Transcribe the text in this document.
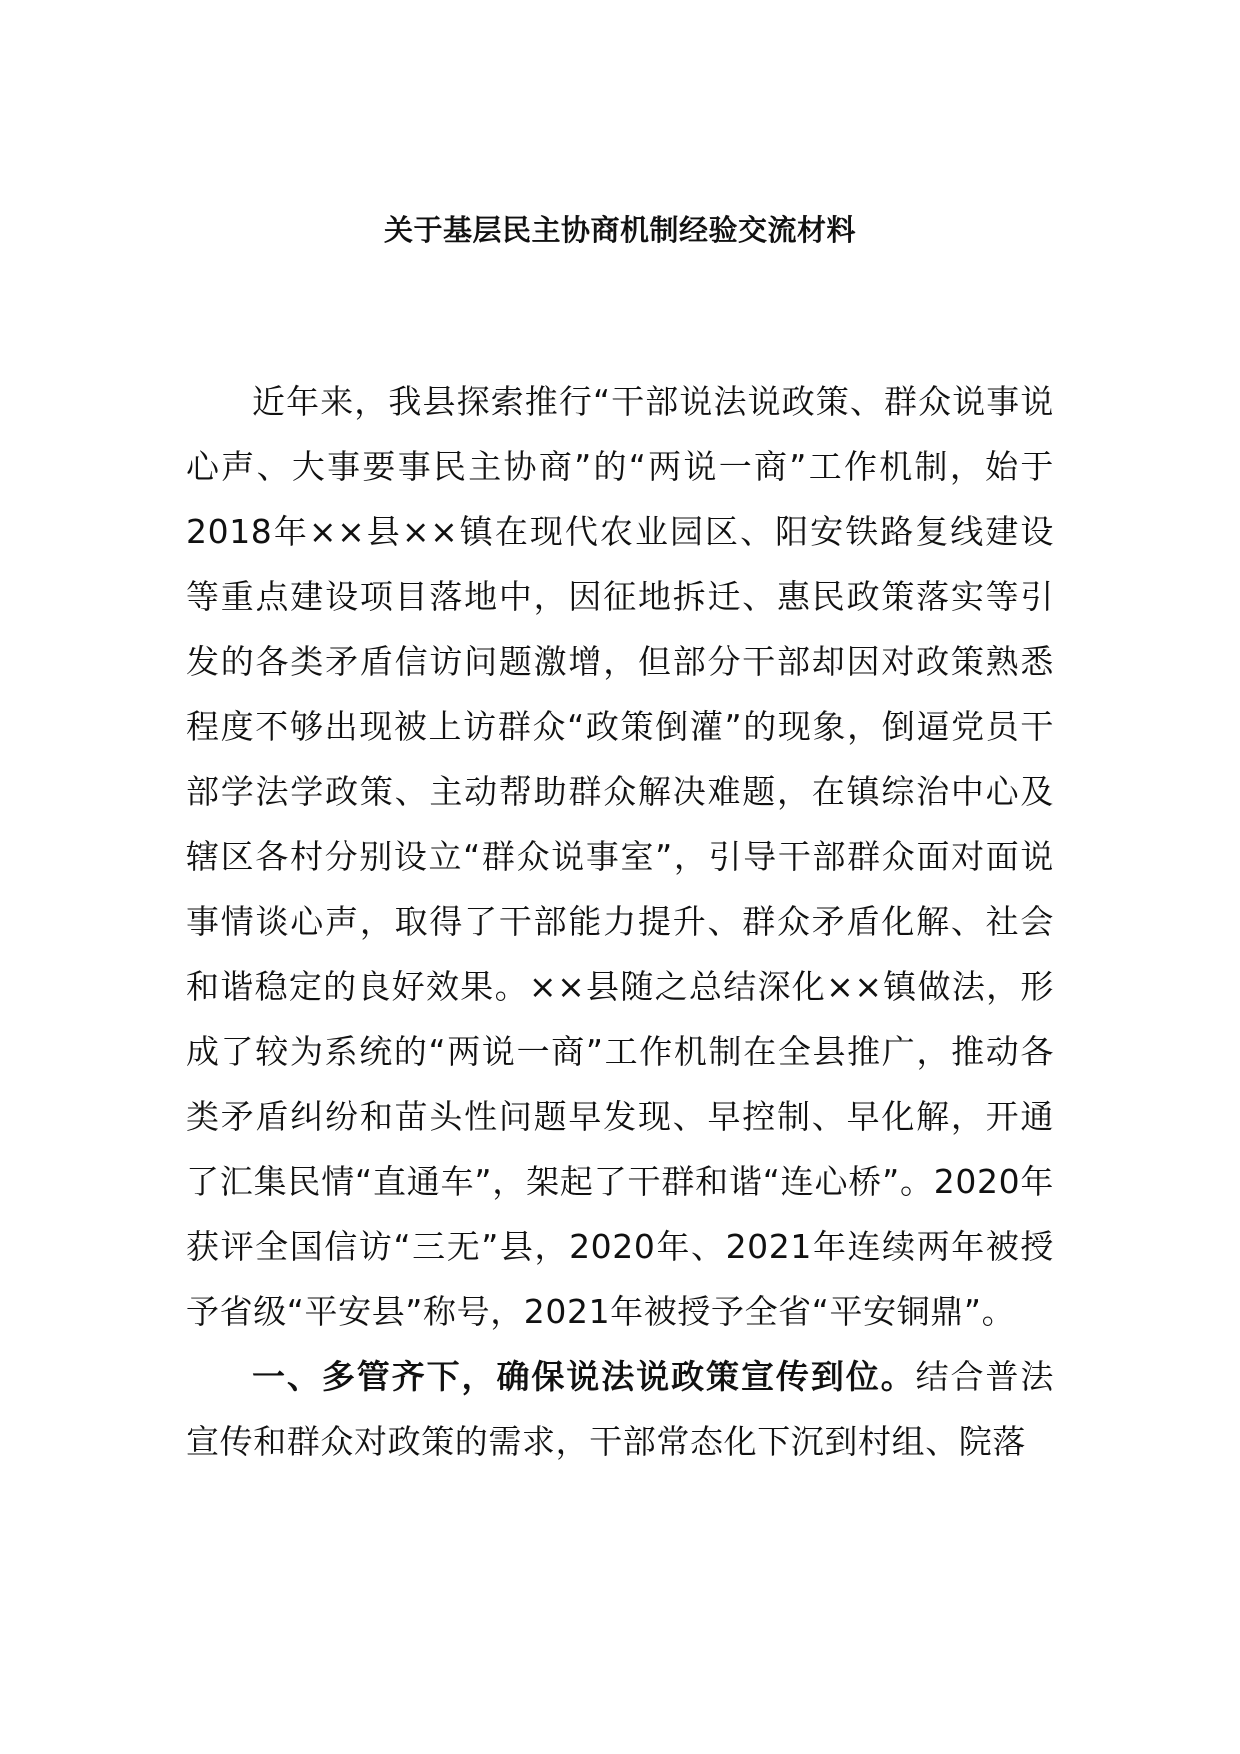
关于基层民主协商机制经验交流材料

近年来，我县探索推行“干部说法说政策、群众说事说心声、大事要事民主协商”的“两说一商”工作机制，始于2018年××县××镇在现代农业园区、阳安铁路复线建设等重点建设项目落地中，因征地拆迁、惠民政策落实等引发的各类矛盾信访问题激增，但部分干部却因对政策熟悉程度不够出现被上访群众“政策倒灌”的现象，倒逼党员干部学法学政策、主动帮助群众解决难题，在镇综治中心及辖区各村分别设立“群众说事室”，引导干部群众面对面说事情谈心声，取得了干部能力提升、群众矛盾化解、社会和谐稳定的良好效果。××县随之总结深化××镇做法，形成了较为系统的“两说一商”工作机制在全县推广，推动各类矛盾纠纷和苗头性问题早发现、早控制、早化解，开通了汇集民情“直通车”，架起了干群和谐“连心桥”。2020年获评全国信访“三无”县，2020年、2021年连续两年被授予省级“平安县”称号，2021年被授予全省“平安铜鼎”。

一、多管齐下，确保说法说政策宣传到位。结合普法宣传和群众对政策的需求，干部常态化下沉到村组、院落
